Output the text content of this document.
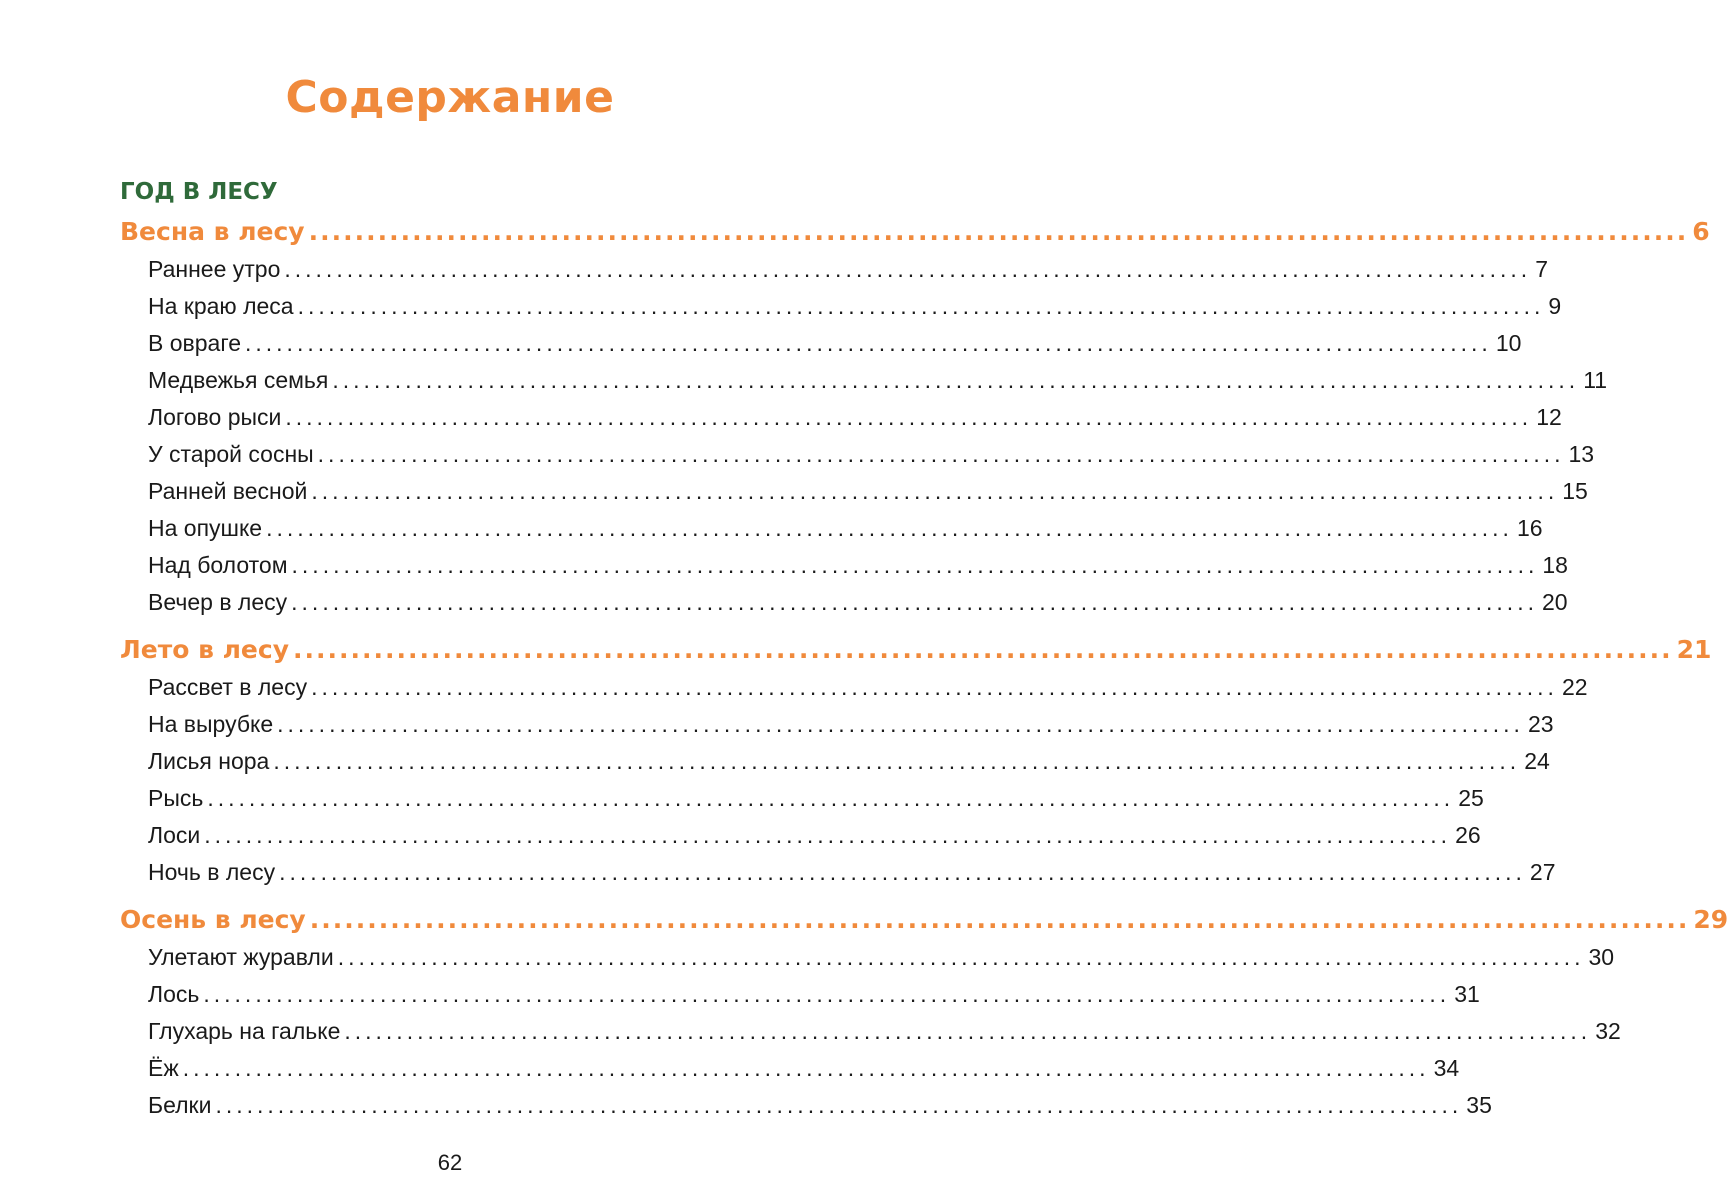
Содержание
ГОД В ЛЕСУ
Весна в лесу ........................................................................................................................ 6
Раннее утро ........................................................................................................................ 7
На краю леса ........................................................................................................................ 9
В овраге ........................................................................................................................ 10
Медвежья семья ........................................................................................................................ 11
Логово рыси ........................................................................................................................ 12
У старой сосны ........................................................................................................................ 13
Ранней весной ........................................................................................................................ 15
На опушке ........................................................................................................................ 16
Над болотом ........................................................................................................................ 18
Вечер в лесу ........................................................................................................................ 20
Лето в лесу ........................................................................................................................ 21
Рассвет в лесу ........................................................................................................................ 22
На вырубке ........................................................................................................................ 23
Лисья нора ........................................................................................................................ 24
Рысь ........................................................................................................................ 25
Лоси ........................................................................................................................ 26
Ночь в лесу ........................................................................................................................ 27
Осень в лесу ........................................................................................................................ 29
Улетают журавли ........................................................................................................................ 30
Лось ........................................................................................................................ 31
Глухарь на гальке ........................................................................................................................ 32
Ёж ........................................................................................................................ 34
Белки ........................................................................................................................ 35
62
